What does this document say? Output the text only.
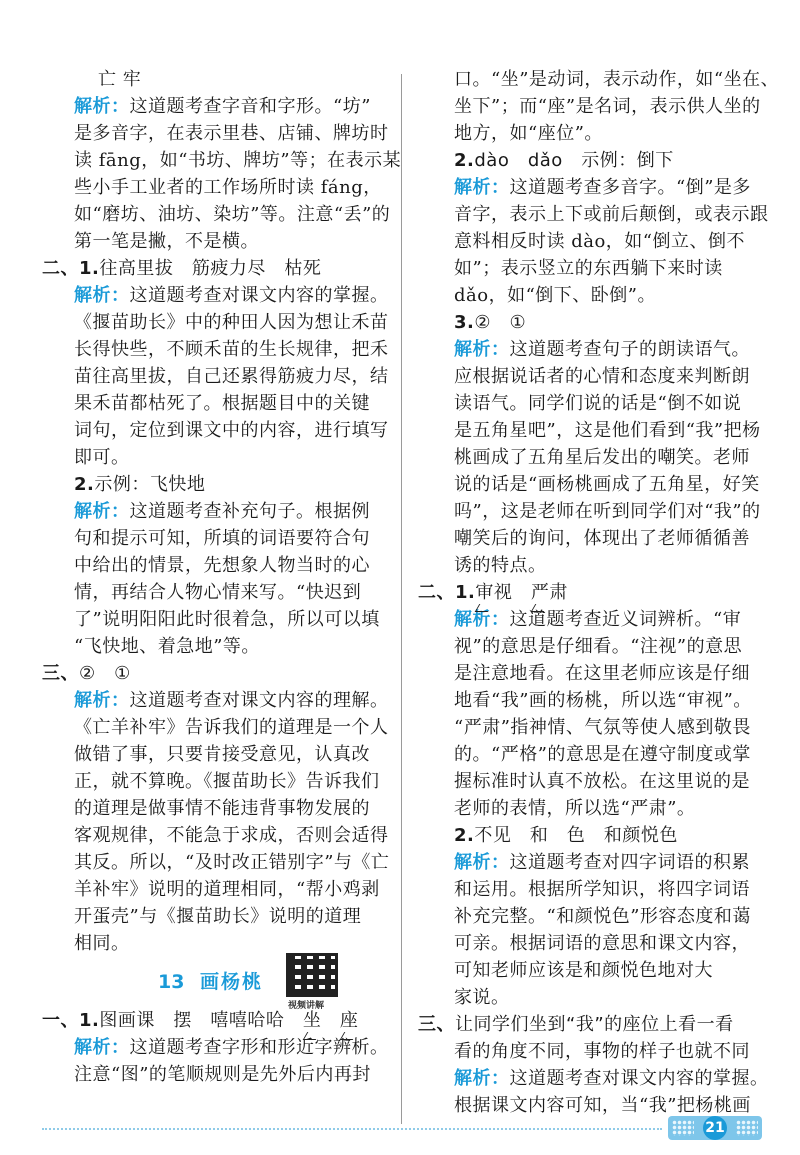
亡 牢
解析：这道题考查字音和字形。“坊”
是多音字，在表示里巷、店铺、牌坊时
读 fāng，如“书坊、牌坊”等；在表示某
些小手工业者的工作场所时读 fáng，
如“磨坊、油坊、染坊”等。注意“丢”的
第一笔是撇，不是横。
二、1.往高里拔　筋疲力尽　枯死
解析：这道题考查对课文内容的掌握。
《揠苗助长》中的种田人因为想让禾苗
长得快些，不顾禾苗的生长规律，把禾
苗往高里拔，自己还累得筋疲力尽，结
果禾苗都枯死了。根据题目中的关键
词句，定位到课文中的内容，进行填写
即可。
2.示例：飞快地
解析：这道题考查补充句子。根据例
句和提示可知，所填的词语要符合句
中给出的情景，先想象人物当时的心
情，再结合人物心情来写。“快迟到
了”说明阳阳此时很着急，所以可以填
“飞快地、着急地”等。
三、②　①
解析：这道题考查对课文内容的理解。
《亡羊补牢》告诉我们的道理是一个人
做错了事，只要肯接受意见，认真改
正，就不算晚。《揠苗助长》告诉我们
的道理是做事情不能违背事物发展的
客观规律，不能急于求成，否则会适得
其反。所以，“及时改正错别字”与《亡
羊补牢》说明的道理相同，“帮小鸡剥
开蛋壳”与《揠苗助长》说明的道理
相同。
13 画杨桃
视频讲解
一、1.图画课　摆　嘻嘻哈哈　 坐
　 座
解析：这道题考查字形和形近字辨析。
注意“图”的笔顺规则是先外后内再封
口。“坐”是动词，表示动作，如“坐在、
坐下”；而“座”是名词，表示供人坐的
地方，如“座位”。
2.dào　dǎo　示例：倒下
解析：这道题考查多音字。“倒”是多
音字，表示上下或前后颠倒，或表示跟
意料相反时读 dào，如“倒立、倒不
如”；表示竖立的东西躺下来时读
dǎo，如“倒下、卧倒”。
3.②　①
解析：这道题考查句子的朗读语气。
应根据说话者的心情和态度来判断朗
读语气。同学们说的话是“倒不如说
是五角星吧”，这是他们看到“我”把杨
桃画成了五角星后发出的嘲笑。老师
说的话是“画杨桃画成了五角星，好笑
吗”，这是老师在听到同学们对“我”的
嘲笑后的询问，体现出了老师循循善
诱的特点。
二、1.审视
　 严肃
解析：这道题考查近义词辨析。“审
视”的意思是仔细看。“注视”的意思
是注意地看。在这里老师应该是仔细
地看“我”画的杨桃，所以选“审视”。
“严肃”指神情、气氛等使人感到敬畏
的。“严格”的意思是在遵守制度或掌
握标准时认真不放松。在这里说的是
老师的表情，所以选“严肃”。
2.不见　和　色　和颜悦色
解析：这道题考查对四字词语的积累
和运用。根据所学知识，将四字词语
补充完整。“和颜悦色”形容态度和蔼
可亲。根据词语的意思和课文内容，
可知老师应该是和颜悦色地对大
家说。
三、让同学们坐到“我”的座位上看一看
看的角度不同，事物的样子也就不同
解析：这道题考查对课文内容的掌握。
根据课文内容可知，当“我”把杨桃画
21
